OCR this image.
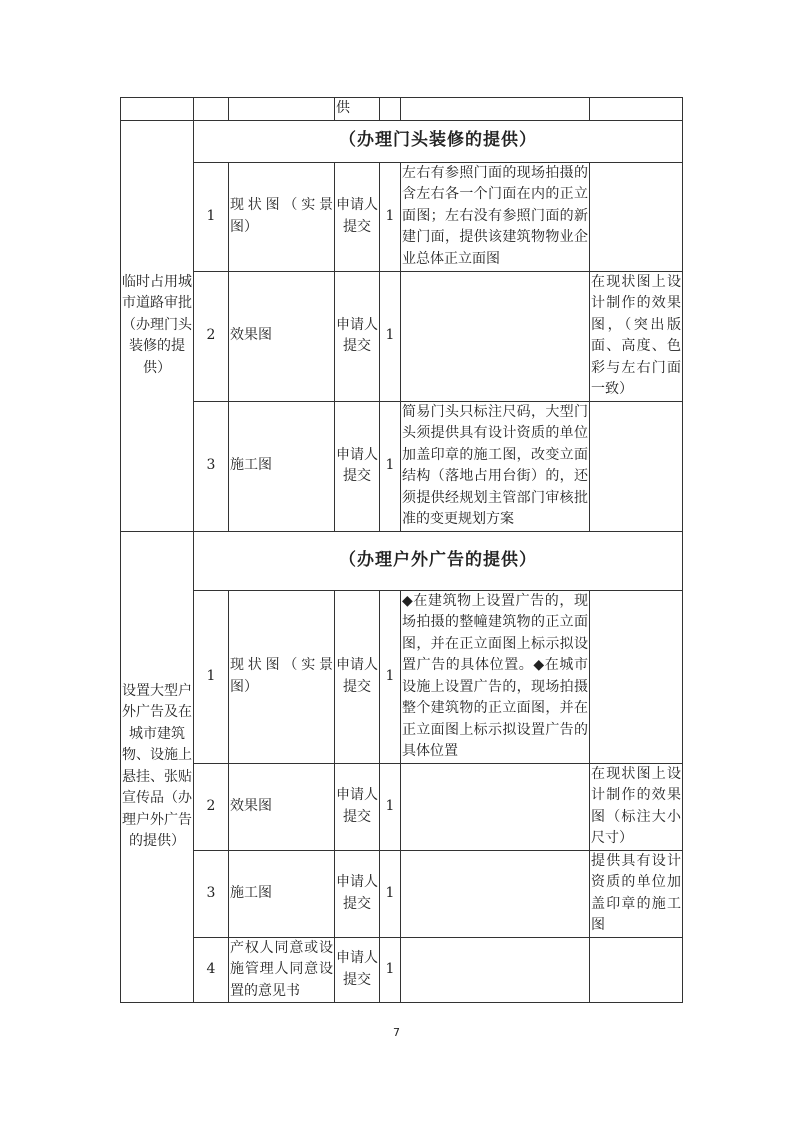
			供			
临时占用城市道路审批（办理门头装修的提供）	（办理门头装修的提供）					
	1	现状图（实景图）	申请人提交	1	左右有参照门面的现场拍摄的含左右各一个门面在内的正立面图；左右没有参照门面的新建门面，提供该建筑物物业企业总体正立面图	
	2	效果图	申请人提交	1		在现状图上设计制作的效果图，（突出版面、高度、色彩与左右门面一致）
	3	施工图	申请人提交	1	简易门头只标注尺码，大型门头须提供具有设计资质的单位加盖印章的施工图，改变立面结构（落地占用台街）的，还须提供经规划主管部门审核批准的变更规划方案	
设置大型户外广告及在城市建筑物、设施上悬挂、张贴宣传品（办理户外广告的提供）	（办理户外广告的提供）					
	1	现状图（实景图）	申请人提交	1	◆在建筑物上设置广告的，现场拍摄的整幢建筑物的正立面图，并在正立面图上标示拟设置广告的具体位置。◆在城市设施上设置广告的，现场拍摄整个建筑物的正立面图，并在正立面图上标示拟设置广告的具体位置	
	2	效果图	申请人提交	1		在现状图上设计制作的效果图（标注大小尺寸）
	3	施工图	申请人提交	1		提供具有设计资质的单位加盖印章的施工图
	4	产权人同意或设施管理人同意设置的意见书	申请人提交	1		
7
